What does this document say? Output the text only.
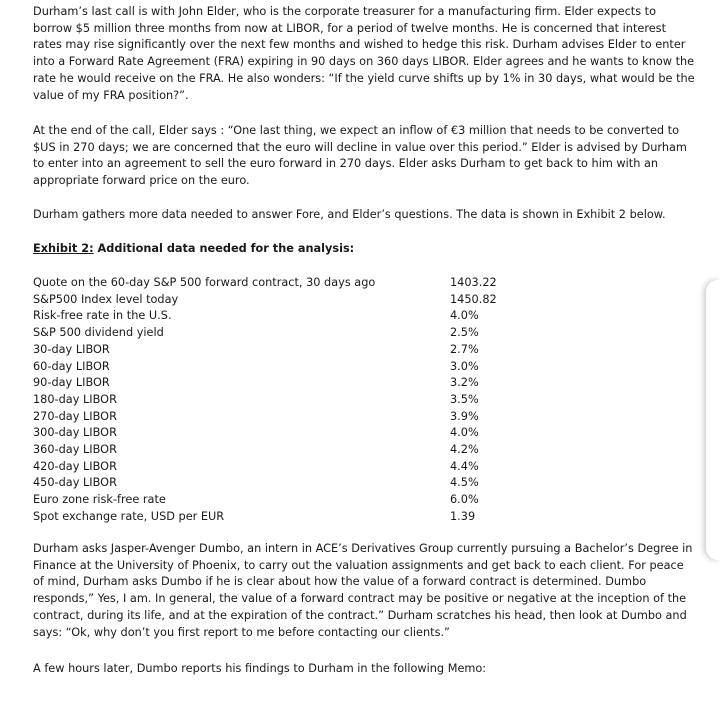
Durham’s last call is with John Elder, who is the corporate treasurer for a manufacturing firm. Elder expects to borrow $5 million three months from now at LIBOR, for a period of twelve months. He is concerned that interest rates may rise significantly over the next few months and wished to hedge this risk. Durham advises Elder to enter into a Forward Rate Agreement (FRA) expiring in 90 days on 360 days LIBOR. Elder agrees and he wants to know the rate he would receive on the FRA. He also wonders: “If the yield curve shifts up by 1% in 30 days, what would be the value of my FRA position?”.

At the end of the call, Elder says : “One last thing, we expect an inflow of €3 million that needs to be converted to $US in 270 days; we are concerned that the euro will decline in value over this period.” Elder is advised by Durham to enter into an agreement to sell the euro forward in 270 days. Elder asks Durham to get back to him with an appropriate forward price on the euro.

Durham gathers more data needed to answer Fore, and Elder’s questions. The data is shown in Exhibit 2 below.

Exhibit 2: Additional data needed for the analysis:

Quote on the 60-day S&P 500 forward contract, 30 days ago	1403.22
S&P500 Index level today	1450.82
Risk-free rate in the U.S.	4.0%
S&P 500 dividend yield	2.5%
30-day LIBOR	2.7%
60-day LIBOR	3.0%
90-day LIBOR	3.2%
180-day LIBOR	3.5%
270-day LIBOR	3.9%
300-day LIBOR	4.0%
360-day LIBOR	4.2%
420-day LIBOR	4.4%
450-day LIBOR	4.5%
Euro zone risk-free rate	6.0%
Spot exchange rate, USD per EUR	1.39

Durham asks Jasper-Avenger Dumbo, an intern in ACE’s Derivatives Group currently pursuing a Bachelor’s Degree in Finance at the University of Phoenix, to carry out the valuation assignments and get back to each client. For peace of mind, Durham asks Dumbo if he is clear about how the value of a forward contract is determined. Dumbo responds,” Yes, I am. In general, the value of a forward contract may be positive or negative at the inception of the contract, during its life, and at the expiration of the contract.” Durham scratches his head, then look at Dumbo and says: “Ok, why don’t you first report to me before contacting our clients.”

A few hours later, Dumbo reports his findings to Durham in the following Memo:
